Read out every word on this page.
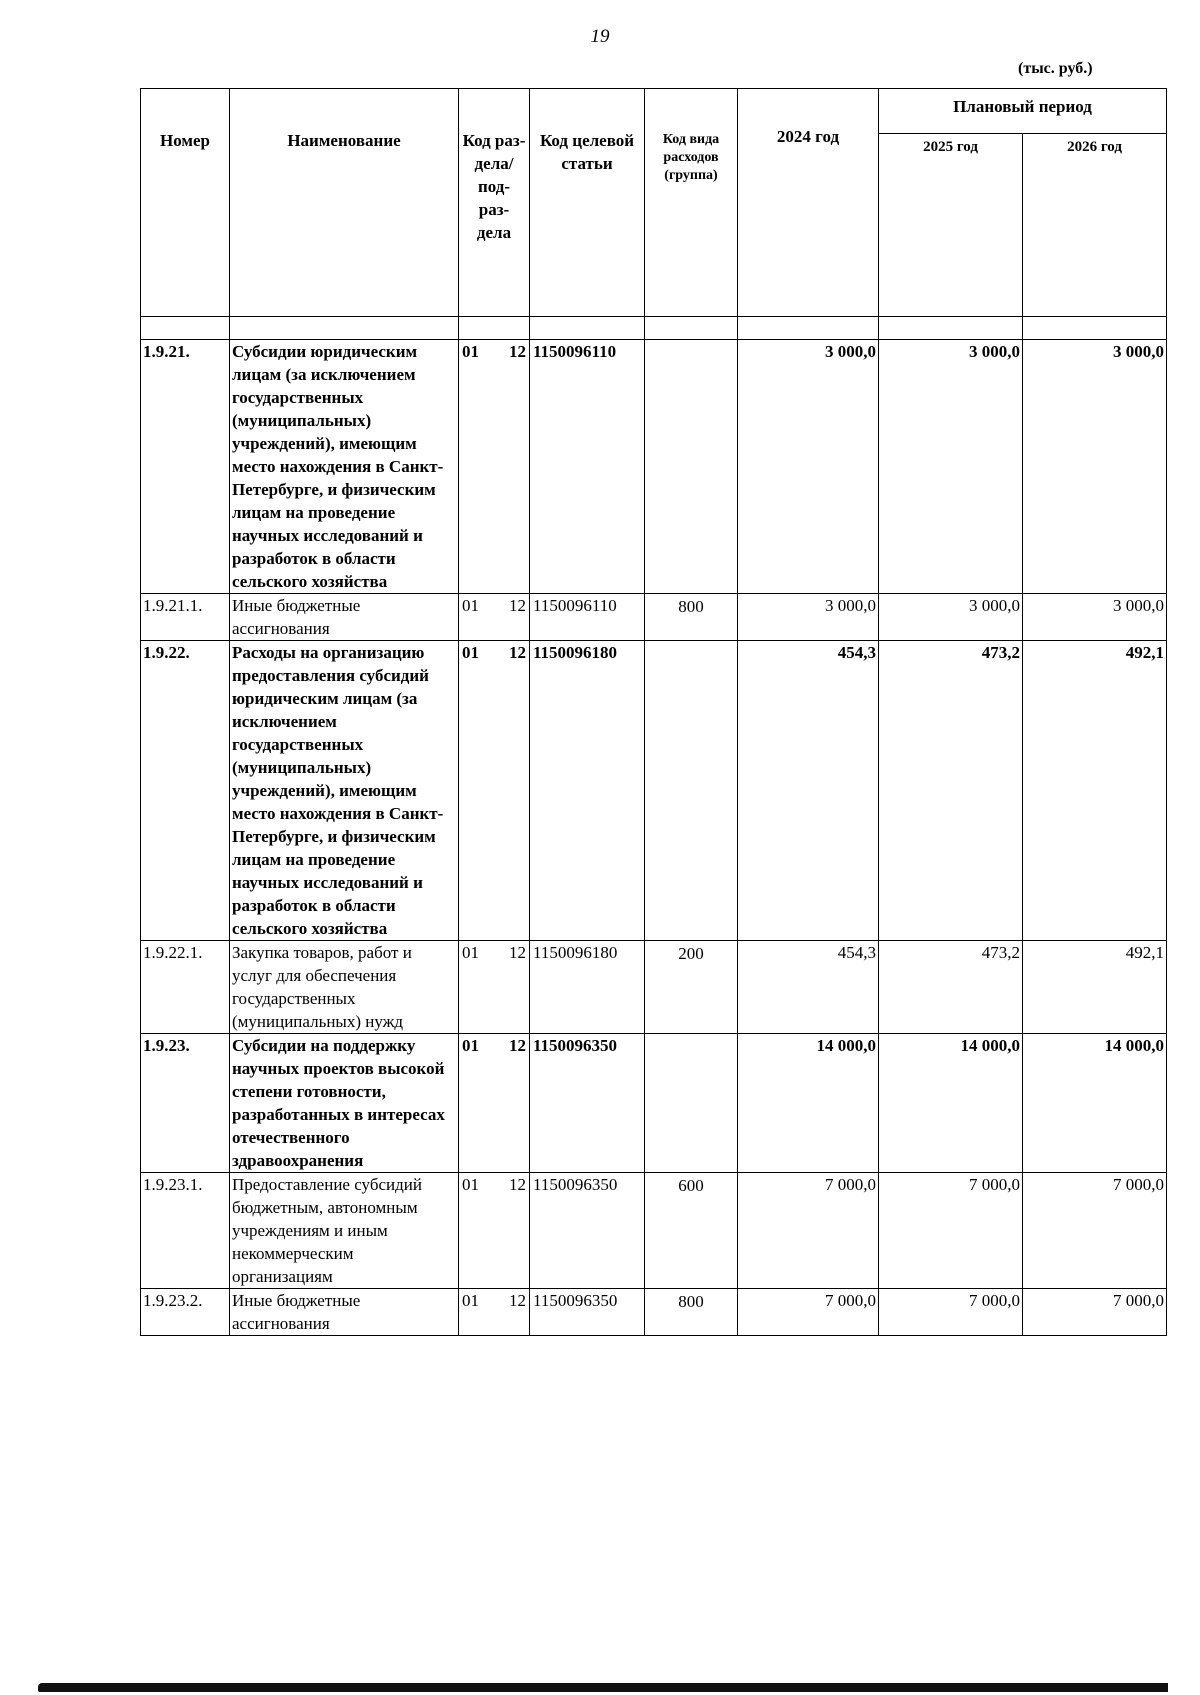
19
(тыс. руб.)
Номер	Наименование	Код раз- дела/ под- раз- дела	Код целевой статьи	Код вида расходов (группа)	2024 год	Плановый период	
						2025 год	2026 год

1.9.21.	Субсидии юридическим лицам (за исключением государственных (муниципальных) учреждений), имеющим место нахождения в Санкт-Петербурге, и физическим лицам на проведение научных исследований и разработок в области сельского хозяйства	01 12	1150096110		3 000,0	3 000,0	3 000,0
1.9.21.1.	Иные бюджетные ассигнования	01 12	1150096110	800	3 000,0	3 000,0	3 000,0
1.9.22.	Расходы на организацию предоставления субсидий юридическим лицам (за исключением государственных (муниципальных) учреждений), имеющим место нахождения в Санкт-Петербурге, и физическим лицам на проведение научных исследований и разработок в области сельского хозяйства	01 12	1150096180		454,3	473,2	492,1
1.9.22.1.	Закупка товаров, работ и услуг для обеспечения государственных (муниципальных) нужд	01 12	1150096180	200	454,3	473,2	492,1
1.9.23.	Субсидии на поддержку научных проектов высокой степени готовности, разработанных в интересах отечественного здравоохранения	01 12	1150096350		14 000,0	14 000,0	14 000,0
1.9.23.1.	Предоставление субсидий бюджетным, автономным учреждениям и иным некоммерческим организациям	01 12	1150096350	600	7 000,0	7 000,0	7 000,0
1.9.23.2.	Иные бюджетные ассигнования	01 12	1150096350	800	7 000,0	7 000,0	7 000,0
